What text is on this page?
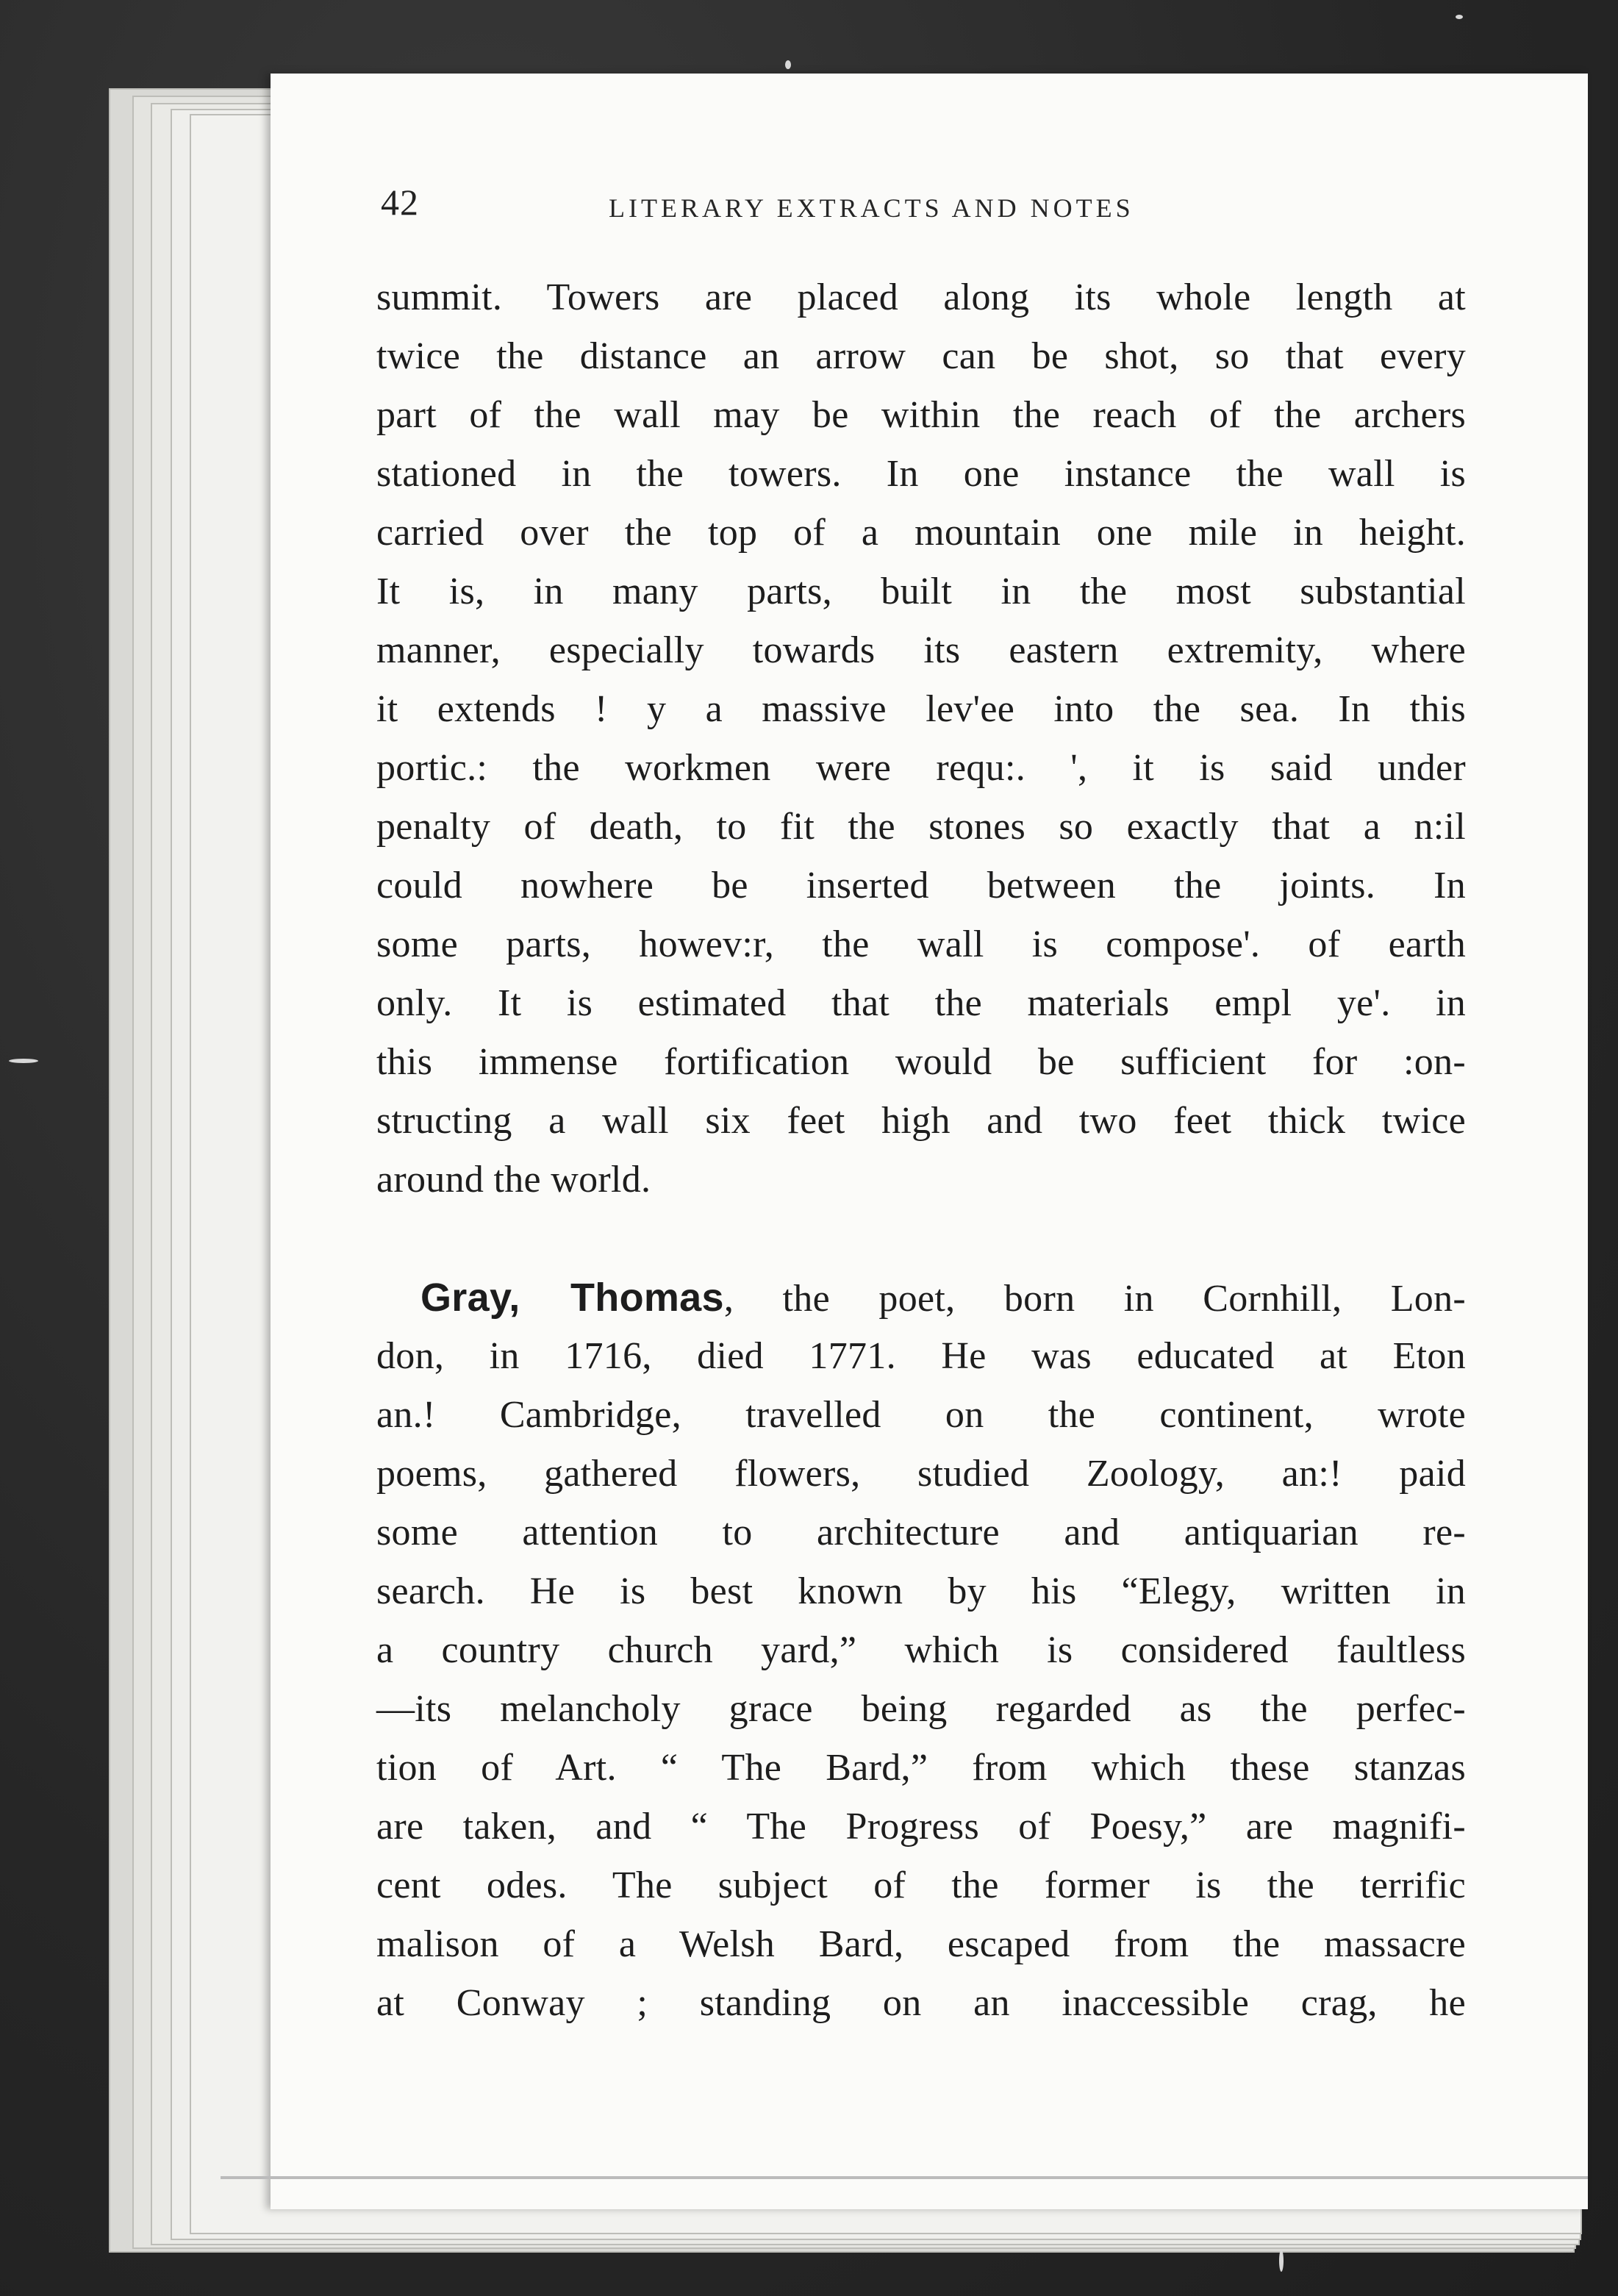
42	LITERARY EXTRACTS AND NOTES
summit. Towers are placed along its whole length at
twice the distance an arrow can be shot, so that every
part of the wall may be within the reach of the archers
stationed in the towers. In one instance the wall is
carried over the top of a mountain one mile in height.
It is, in many parts, built in the most substantial
manner, especially towards its eastern extremity, where
it extends ! y a massive lev'ee into the sea. In this
portic.: the workmen were requ:. ', it is said under
penalty of death, to fit the stones so exactly that a n:il
could nowhere be inserted between the joints. In
some parts, howev:r, the wall is compose'. of earth
only. It is estimated that the materials empl ye'. in
this immense fortification would be sufficient for :on-
structing a wall six feet high and two feet thick twice
around the world.
Gray, Thomas, the poet, born in Cornhill, Lon-
don, in 1716, died 1771. He was educated at Eton
an.! Cambridge, travelled on the continent, wrote
poems, gathered flowers, studied Zoology, an:! paid
some attention to architecture and antiquarian re-
search. He is best known by his “Elegy, written in
a country church yard,” which is considered faultless
—its melancholy grace being regarded as the perfec-
tion of Art. “ The Bard,” from which these stanzas
are taken, and “ The Progress of Poesy,” are magnifi-
cent odes. The subject of the former is the terrific
malison of a Welsh Bard, escaped from the massacre
at Conway ; standing on an inaccessible crag, he
